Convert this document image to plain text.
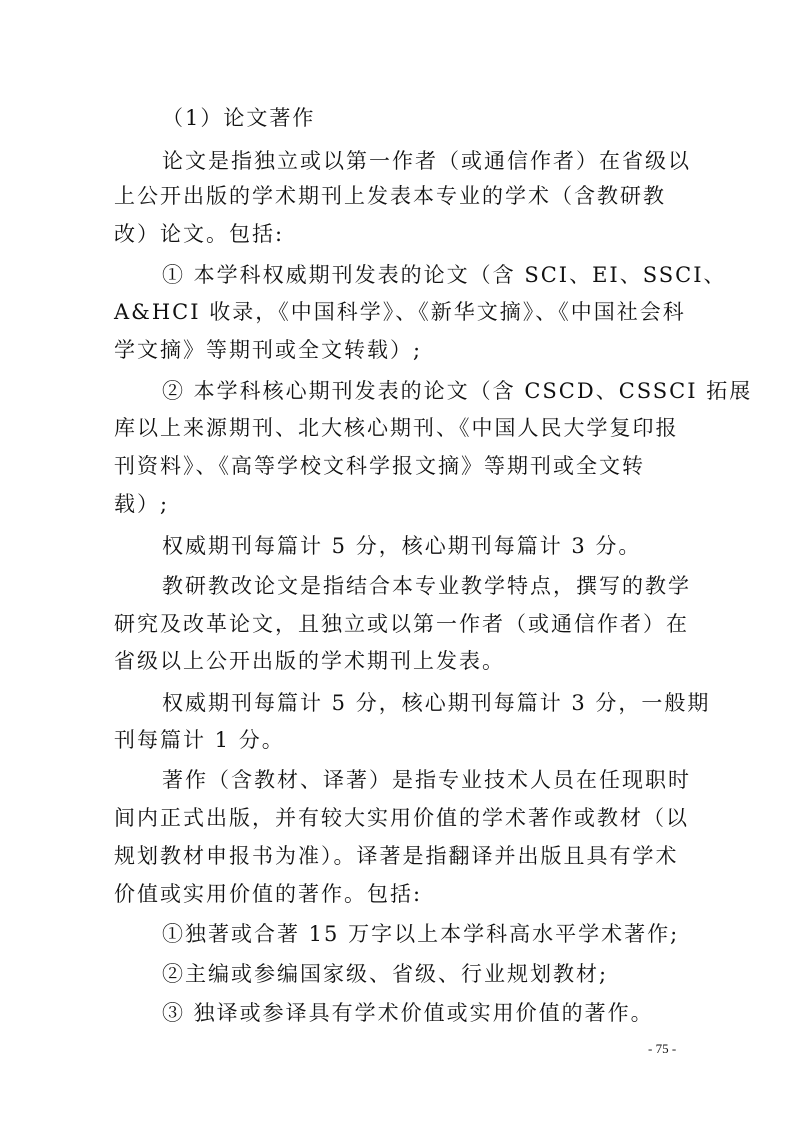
（1）论文著作
论文是指独立或以第一作者（或通信作者）在省级以
上公开出版的学术期刊上发表本专业的学术（含教研教
改）论文。包括:
① 本学科权威期刊发表的论文（含 SCI、EI、SSCI、
A&HCI 收录，《中国科学》、《新华文摘》、《中国社会科
学文摘》等期刊或全文转载）;
② 本学科核心期刊发表的论文（含 CSCD、CSSCI 拓展
库以上来源期刊、北大核心期刊、《中国人民大学复印报
刊资料》、《高等学校文科学报文摘》等期刊或全文转
载）;
权威期刊每篇计 5 分，核心期刊每篇计 3 分。
教研教改论文是指结合本专业教学特点，撰写的教学
研究及改革论文，且独立或以第一作者（或通信作者）在
省级以上公开出版的学术期刊上发表。
权威期刊每篇计 5 分，核心期刊每篇计 3 分，一般期
刊每篇计 1 分。
著作（含教材、译著）是指专业技术人员在任现职时
间内正式出版，并有较大实用价值的学术著作或教材（以
规划教材申报书为准）。译著是指翻译并出版且具有学术
价值或实用价值的著作。包括:
①独著或合著 15 万字以上本学科高水平学术著作;
②主编或参编国家级、省级、行业规划教材;
③ 独译或参译具有学术价值或实用价值的著作。
- 75 -
